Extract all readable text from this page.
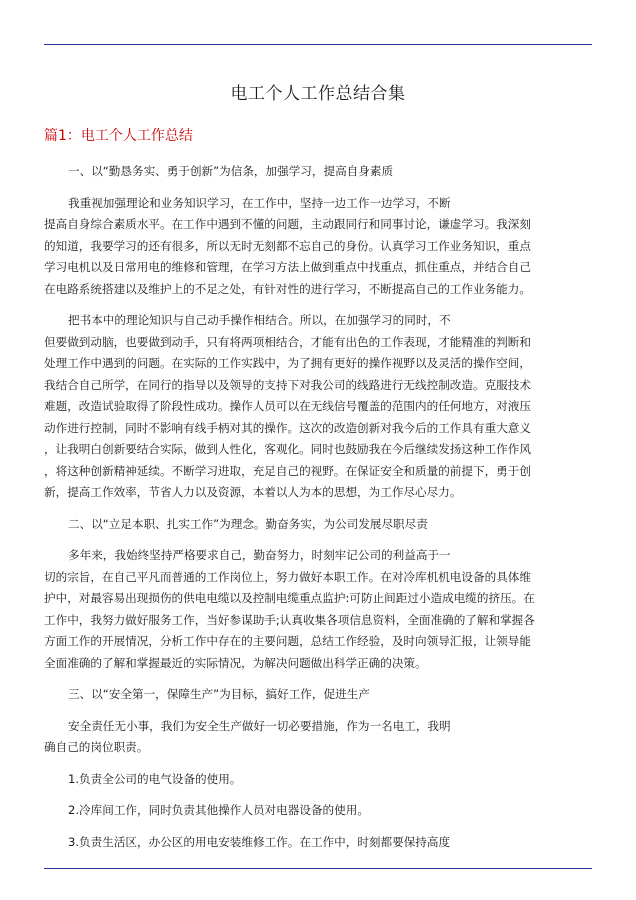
电工个人工作总结合集
篇1：电工个人工作总结
一、以“勤恳务实、勇于创新”为信条，加强学习，提高自身素质
我重视加强理论和业务知识学习，在工作中，坚持一边工作一边学习，不断
提高自身综合素质水平。在工作中遇到不懂的问题，主动跟同行和同事讨论，谦虚学习。我深刻
的知道，我要学习的还有很多，所以无时无刻都不忘自己的身份。认真学习工作业务知识，重点
学习电机以及日常用电的维修和管理，在学习方法上做到重点中找重点，抓住重点，并结合自己
在电路系统搭建以及维护上的不足之处，有针对性的进行学习，不断提高自己的工作业务能力。
把书本中的理论知识与自己动手操作相结合。所以，在加强学习的同时，不
但要做到动脑，也要做到动手，只有将两项相结合，才能有出色的工作表现，才能精准的判断和
处理工作中遇到的问题。在实际的工作实践中，为了拥有更好的操作视野以及灵活的操作空间，
我结合自己所学，在同行的指导以及领导的支持下对我公司的线路进行无线控制改造。克服技术
难题，改造试验取得了阶段性成功。操作人员可以在无线信号覆盖的范围内的任何地方，对液压
动作进行控制，同时不影响有线手柄对其的操作。这次的改造创新对我今后的工作具有重大意义
，让我明白创新要结合实际，做到人性化，客观化。同时也鼓励我在今后继续发扬这种工作作风
，将这种创新精神延续。不断学习进取，充足自己的视野。在保证安全和质量的前提下，勇于创
新，提高工作效率，节省人力以及资源，本着以人为本的思想，为工作尽心尽力。
二、以“立足本职、扎实工作”为理念。勤奋务实，为公司发展尽职尽责
多年来，我始终坚持严格要求自己，勤奋努力，时刻牢记公司的利益高于一
切的宗旨，在自己平凡而普通的工作岗位上，努力做好本职工作。在对冷库机机电设备的具体维
护中，对最容易出现损伤的供电电缆以及控制电缆重点监护:可防止间距过小造成电缆的挤压。在
工作中，我努力做好服务工作，当好参谋助手;认真收集各项信息资料，全面准确的了解和掌握各
方面工作的开展情况，分析工作中存在的主要问题，总结工作经验，及时向领导汇报，让领导能
全面准确的了解和掌握最近的实际情况，为解决问题做出科学正确的决策。
三、以“安全第一，保障生产”为目标，搞好工作，促进生产
安全责任无小事，我们为安全生产做好一切必要措施，作为一名电工，我明
确自己的岗位职责。
1.负责全公司的电气设备的使用。
2.冷库间工作，同时负责其他操作人员对电器设备的使用。
3.负责生活区，办公区的用电安装维修工作。在工作中，时刻都要保持高度
